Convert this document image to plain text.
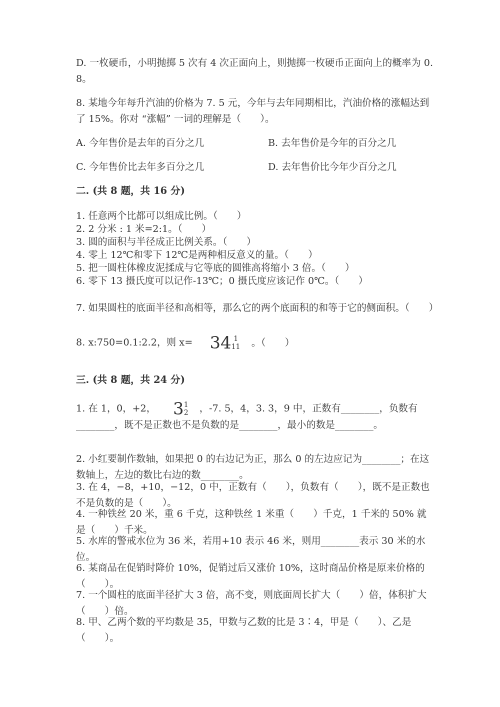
D. 一枚硬币，小明抛掷 5 次有 4 次正面向上，则抛掷一枚硬币正面向上的概率为 0. 8。
8. 某地今年每升汽油的价格为 7. 5 元，今年与去年同期相比，汽油价格的涨幅达到了 15%。你对 “涨幅” 一词的理解是（　　）。
A. 今年售价是去年的百分之几	B. 去年售价是今年的百分之几
C. 今年售价比去年多百分之几	D. 去年售价比今年少百分之几
二. (共 8 题，共 16 分)
1. 任意两个比都可以组成比例。（　　）
2. 2 分米 : 1 米=2:1。（　　）
3. 圆的面积与半径成正比例关系。（　　）
4. 零上 12℃和零下 12℃是两种相反意义的量。（　　）
5. 把一圆柱体橡皮泥揉成与它等底的圆锥高将缩小 3 倍。（　　）
6. 零下 13 摄氏度可以记作-13℃；0 摄氏度应该记作 0℃。（　　）
7. 如果圆柱的底面半径和高相等，那么它的两个底面积的和等于它的侧面积。（　　）
8. x:750=0.1:2.2，则 x= 34 1
11 。（　　）
三. (共 8 题，共 24 分)
1. 在 1，0，+2， 3 1
2 ，-7. 5，4，3. 3，9 中，正数有________，负数有________，既不是正数也不是负数的是________，最小的数是________。
2. 小红要制作数轴，如果把 0 的右边记为正，那么 0 的左边应记为________；在这数轴上，左边的数比右边的数________。
3. 在 4，−8，+10，−12，0 中，正数有（　　），负数有（　　），既不是正数也不是负数的是（　　）。
4. 一种铁丝 20 米，重 6 千克，这种铁丝 1 米重（　　）千克，1 千米的 50% 就是（　　）千米。
5. 水库的警戒水位为 36 米，若用+10 表示 46 米，则用________表示 30 米的水位。
6. 某商品在促销时降价 10%，促销过后又涨价 10%，这时商品价格是原来价格的（　　）。
7. 一个圆柱的底面半径扩大 3 倍，高不变，则底面周长扩大（　　）倍，体积扩大（　　）倍。
8. 甲、乙两个数的平均数是 35，甲数与乙数的比是 3∶4，甲是（　　）、乙是（　　）。
